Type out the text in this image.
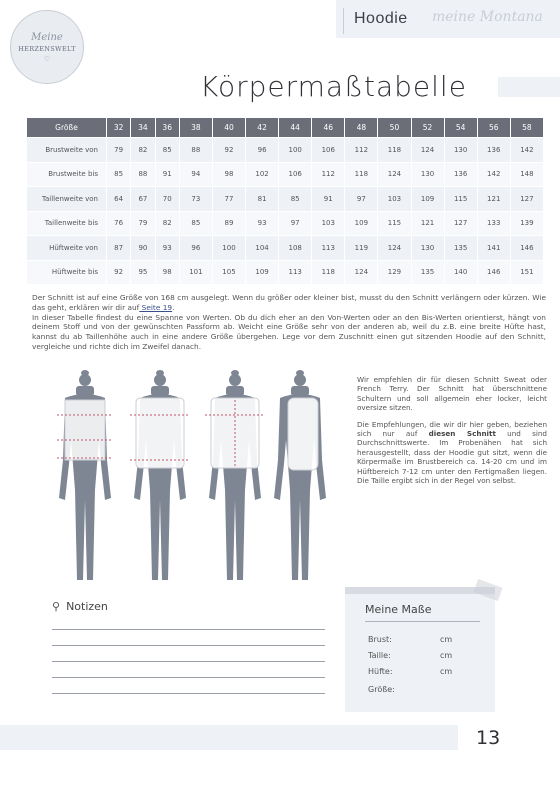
Meine
HERZENSWELT
♡
Hoodie meine Montana
Körpermaßtabelle
Größe	32	34	36	38	40	42	44	46	48	50	52	54	56	58
Brustweite von	79	82	85	88	92	96	100	106	112	118	124	130	136	142
Brustweite bis	85	88	91	94	98	102	106	112	118	124	130	136	142	148
Taillenweite von	64	67	70	73	77	81	85	91	97	103	109	115	121	127
Taillenweite bis	76	79	82	85	89	93	97	103	109	115	121	127	133	139
Hüftweite von	87	90	93	96	100	104	108	113	119	124	130	135	141	146
Hüftweite bis	92	95	98	101	105	109	113	118	124	129	135	140	146	151

Der Schnitt ist auf eine Größe von 168 cm ausgelegt. Wenn du größer oder kleiner bist, musst du den Schnitt verlängern oder kürzen. Wie das geht, erklären wir dir auf Seite 19.

In dieser Tabelle findest du eine Spanne von Werten. Ob du dich eher an den Von-Werten oder an den Bis-Werten orientierst, hängt von deinem Stoff und von der gewünschten Passform ab. Weicht eine Größe sehr von der anderen ab, weil du z.B. eine breite Hüfte hast, kannst du ab Taillenhöhe auch in eine andere Größe übergehen. Lege vor dem Zuschnitt einen gut sitzenden Hoodie auf den Schnitt, vergleiche und richte dich im Zweifel danach.

Wir empfehlen dir für diesen Schnitt Sweat oder French Terry. Der Schnitt hat überschnittene Schultern und soll allgemein eher locker, leicht oversize sitzen.

Die Empfehlungen, die wir dir hier geben, beziehen sich nur auf diesen Schnitt und sind Durchschnittswerte. Im Probenähen hat sich herausgestellt, dass der Hoodie gut sitzt, wenn die Körpermaße im Brustbereich ca. 14-20 cm und im Hüftbereich 7-12 cm unter den Fertigmaßen liegen. Die Taille ergibt sich in der Regel von selbst.

⚲ Notizen	Meine Maße
Brust:	cm
Taille:	cm
Hüfte:	cm
Größe:
13
